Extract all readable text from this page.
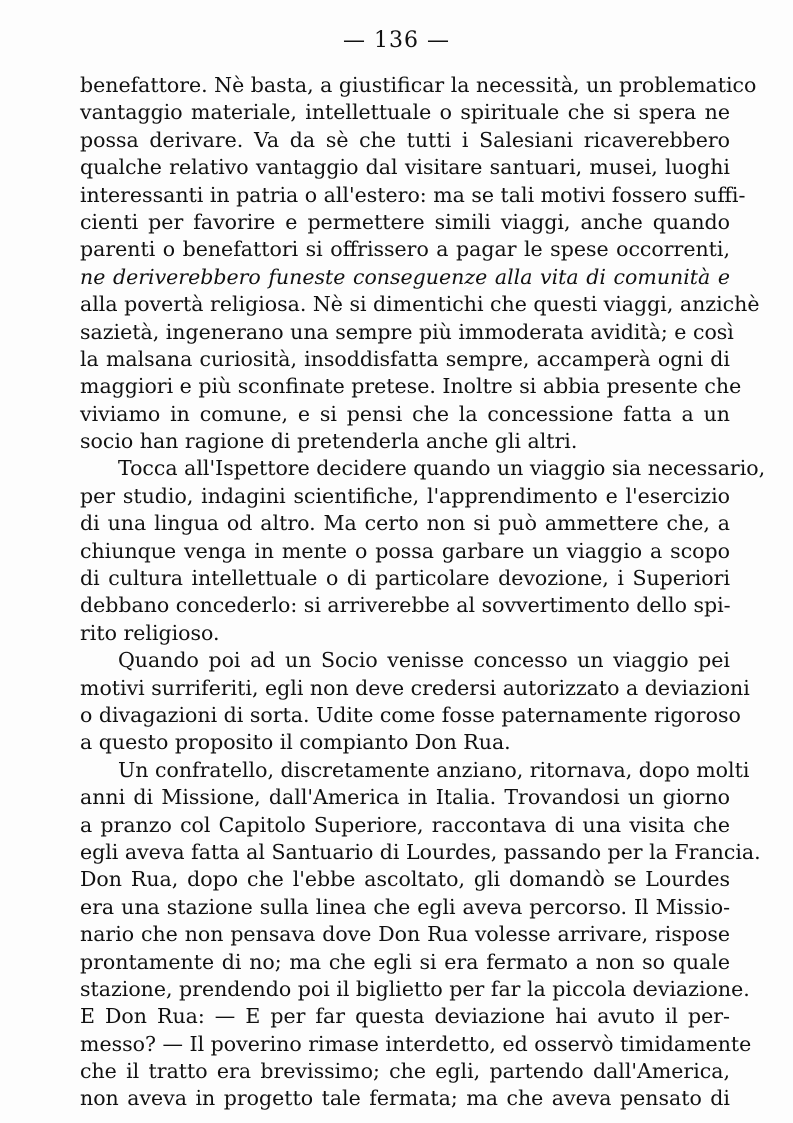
— 136 —
benefattore. Nè basta, a giustificar la necessità, un problematico
vantaggio materiale, intellettuale o spirituale che si spera ne
possa derivare. Va da sè che tutti i Salesiani ricaverebbero
qualche relativo vantaggio dal visitare santuari, musei, luoghi
interessanti in patria o all'estero: ma se tali motivi fossero suffi-
cienti per favorire e permettere simili viaggi, anche quando
parenti o benefattori si offrissero a pagar le spese occorrenti,
ne deriverebbero funeste conseguenze alla vita di comunità e
alla povertà religiosa. Nè si dimentichi che questi viaggi, anzichè
sazietà, ingenerano una sempre più immoderata avidità; e così
la malsana curiosità, insoddisfatta sempre, accamperà ogni di
maggiori e più sconfinate pretese. Inoltre si abbia presente che
viviamo in comune, e si pensi che la concessione fatta a un
socio han ragione di pretenderla anche gli altri.
Tocca all'Ispettore decidere quando un viaggio sia necessario,
per studio, indagini scientifiche, l'apprendimento e l'esercizio
di una lingua od altro. Ma certo non si può ammettere che, a
chiunque venga in mente o possa garbare un viaggio a scopo
di cultura intellettuale o di particolare devozione, i Superiori
debbano concederlo: si arriverebbe al sovvertimento dello spi-
rito religioso.
Quando poi ad un Socio venisse concesso un viaggio pei
motivi surriferiti, egli non deve credersi autorizzato a deviazioni
o divagazioni di sorta. Udite come fosse paternamente rigoroso
a questo proposito il compianto Don Rua.
Un confratello, discretamente anziano, ritornava, dopo molti
anni di Missione, dall'America in Italia. Trovandosi un giorno
a pranzo col Capitolo Superiore, raccontava di una visita che
egli aveva fatta al Santuario di Lourdes, passando per la Francia.
Don Rua, dopo che l'ebbe ascoltato, gli domandò se Lourdes
era una stazione sulla linea che egli aveva percorso. Il Missio-
nario che non pensava dove Don Rua volesse arrivare, rispose
prontamente di no; ma che egli si era fermato a non so quale
stazione, prendendo poi il biglietto per far la piccola deviazione.
E Don Rua: — E per far questa deviazione hai avuto il per-
messo? — Il poverino rimase interdetto, ed osservò timidamente
che il tratto era brevissimo; che egli, partendo dall'America,
non aveva in progetto tale fermata; ma che aveva pensato di
